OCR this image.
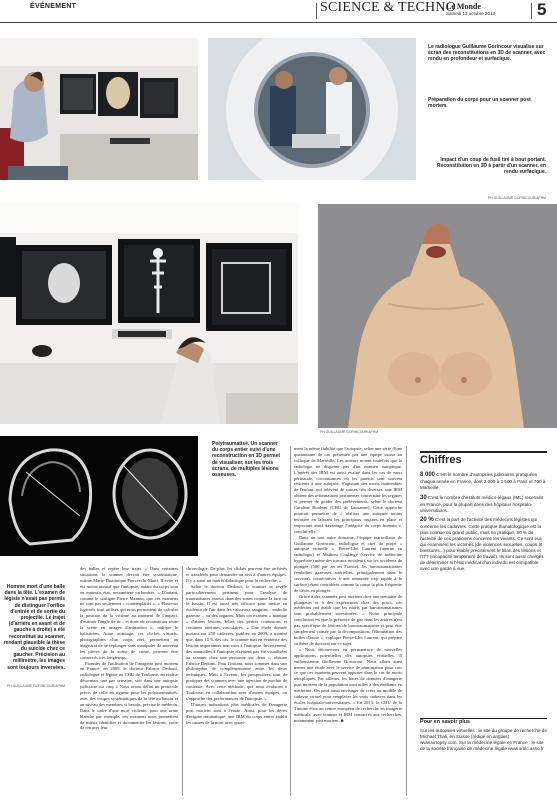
ÉVÉNEMENT	SCIENCE & TECHNO
Le Monde
Samedi 13 octobre 2012 5
Le radiologue Guillaume Gorincour visualise sur écran des reconstitutions en 3D de scanner, avec rendu en profondeur et surfacique.
Préparation du corps pour un scanner post mortem.
Impact d'un coup de fusil tiré à bout portant. Reconstitution en 3D à partir d'un scanner, en rendu surfacique.
PH GUILLAUME GORINCOUR/APHM
PH GUILLAUME GORINCOUR/APHM
Polytraumatisé. Un scanner du corps entier suivi d'une reconstruction en 3D permet de visualiser, sur les trois écrans, de multiples lésions osseuses.
Homme mort d'une balle dans la tête. L'examen de légiste n'avait pas permis de distinguer l'orifice d'entrée et de sortie du projectile. Le trajet (d'arrière en avant et de gauche à droite) a été reconstitué au scanner, rendant plausible la thèse du suicide chez ce gaucher. Précision au millimètre, les images sont toujours inversées.
PH GUILLAUME GORINCOUR/APHM

des balles et repère leur trajet. « Dans certaines situations, le scanner devrait être systématique, estime Marie-Dominique Piercecchi-Marti. Il évite et est moins invasif que l'autopsie, autant du corps sont en mauvais état, notamment carbonisés. » D'autant, comme le souligne Pierre Mannin, que ces examens ne sont pas seulement « contemplatifs ». « Plusieurs logiciels sont utilisés qui nous permettent de calculer la position de la victime au moment de l'impact, d'estimer l'angle de tir... et donc de reconstituer toute la scène en images d'animation », indique le balisticien. Autre avantage, ces clichés virtuels, photographies d'un corps réel, permettent au magistrat de se replonger sans manipuler de nouveau les pièces de la scène de crime, peuvent être conservés très longtemps.

Pionnier de l'utilisation de l'imagerie post mortem en France, en 2009, le docteur Fabrice Dedouit, radiologue et légiste au CHU de Toulouse, en réalise désormais une par semaine, soit dans une autopsie judiciaire sur cinq. « Nous avons défini un protocole précis de celle en rigueur pour les polytraumatisés, avec des coupes systématiques de la tête au bassin et au niveau des membres si besoin, précise le médecin. Dans le cadre d'une mort violente, pour une arme blanche par exemple, ces examens nous permettent de mieux identifier et documenter les lésions, voire de retracer leur

chronologie. De plus, les clichés peuvent être archivés et transférés pour demander un avis à d'autres équipes. Il y a aussi un intérêt didactique pour la recherche. »

Selon le docteur Dedouit, le scanner se révèle particulièrement pertinent pour l'analyse de traumatismes osseux dans des zones comme la face ou le bassin. Il est aussi très efficace pour mettre en évidence de l'air dans les vaisseaux sanguins – embolie gazeuse – ou des organes. Mais cet examen « manque » d'autres lésions, telles des petites contusions et certaines atteintes vasculaires. « Une étude donnée portant sur 250 cadavres, publiée en 2009, a montré que, dans 15 % des cas, le scanner met en évidence des lésions importantes non vues à l'autopsie. Inversement, des anomalies à l'autopsie n'avaient pas été visualisées au scanner chez une personne sur deux », résume Fabrice Dedouit. Pour l'instant, nous sommes dans une philosophie de complémentarité entre les deux techniques. Mais à l'avenir, les perspectives sont de pratiquer des scanners avec une injection de produit de contraste. Avec cette méthode, que nous évaluons à Toulouse, en collaboration avec d'autres équipes, on s'approche des performances de l'autopsie. »

D'autres indications plus médicales de l'imagerie post mortem sont à l'étude. Ainsi, pour les décès d'origine traumatique, une IRM du corps entier établit les causes de la mort avec quasi-

ment la même fiabilité que l'autopsie, selon une série d'une quarantaine de cas présentée par une équipe suisse au colloque de Marseille. Les auteurs notent toutefois que la radiologie ne dispense pas d'un examen autoptique. L'intérêt des IRM est aussi évalué dans les cas de mort périnatale, circonstances où les parents sont souvent réticents à une autopsie. S'agissant des morts inattendues de l'enfant, qui relèvent de causes très diverses, une IRM obtient des informations pertinentes concernant les organes et permet de guider des prélèvements, selon le docteur Caroline Rouleau (CHU de Lausanne). Cette approche pourrait permettre de « réaliser une autopsie moins invasive en laissant les principaux organes en place et respectant ainsi davantage l'intégrité du corps humain », conclut-elle.

Dans un tout autre domaine, l'équipe marseillaise de Guillaume Gorincour, radiologue et chef du projet « autopsie virtuelle », Pierre-Lloi Laurent (interne en radiologie) et Mathieu Coulange (service de médecine hyperbare) mène des travaux novateurs sur les accidents de plongée (500 par an en France), les barotraumatismes (embolies gazeuses artérielles, principalement dans le cerveau), consécutives à une remontée trop rapide à la surface) étant considérés comme la cause la plus fréquente de décès en plongée.

Grâce à des scanners post mortem chez une trentaine de plongeurs et à des expériences chez des porcs, ces médecins ont établi que les morts par barotraumatismes sont probablement surestimées. « Notre principale conclusion est que la présence de gaz dans les artères n'est pas spécifique de lésions de barotraumatisme et peut être simplement causée par la décomposition, l'élimination des bulles d'azote », explique Pierre-Lloi Laurent, qui prépare sa thèse de doctorat sur ce sujet.

« Nous découvrons en permanence de nouvelles applications potentielles des autopsies virtuelles. Il enthousiasme Guillaume Gorincour. Nous allons ainsi mener une étude avec le service de réanimation pour voir ce que ces examens peuvent apporter dans le cas de morts inexpliqués. Par ailleurs, les bases de données d'imagerie post mortem de la population sont utiles à des étudiants en médecine. On peut aussi envisager de créer un modèle de cadavre virtuel pour remplacer les vrais cadavres dans les écoles hospitalo-universitaires. » En 2013, le CHU de la Timone élira un centre européen de recherche en imagerie médicale, avec scanner et IRM consacrés aux recherches, notamment post mortem. ■

Chiffres

8 000 C'est le nombre d'autopsies judiciaires pratiquées chaque année en France, dont 2 000 à 2 500 à Paris et 700 à Marseille.

30 C'est le nombre d'instituts médico-légaux (IML) recensés en France, pour la plupart dans des hôpitaux hospitalo-universitaires.

20 % C'est la part de l'activité des médecins légistes qui concerne les cadavres. Cette pratique thanatologique est la plus connue du grand public, mais en pratique, 80 % de l'activité de ces praticiens concerne les vivants. Ce sont eux qui examinent les victimes (de violences sexuelles, coups et blessures...) pour établir précisément le bilan des lésions et l'ITT (incapacité temporaire de travail). Ils sont aussi chargés de déterminer si l'état médical d'un individu est compatible avec une garde à vue.

Pour en savoir plus
Sur les autopsies virtuelles : le site du groupe de recherche de Michael Thali, en Suisse (rédigé en anglais) www.virtopsy.com. Sur la médecine légale en France : le site de la société française de médecine légale www.smlc.asso.fr
